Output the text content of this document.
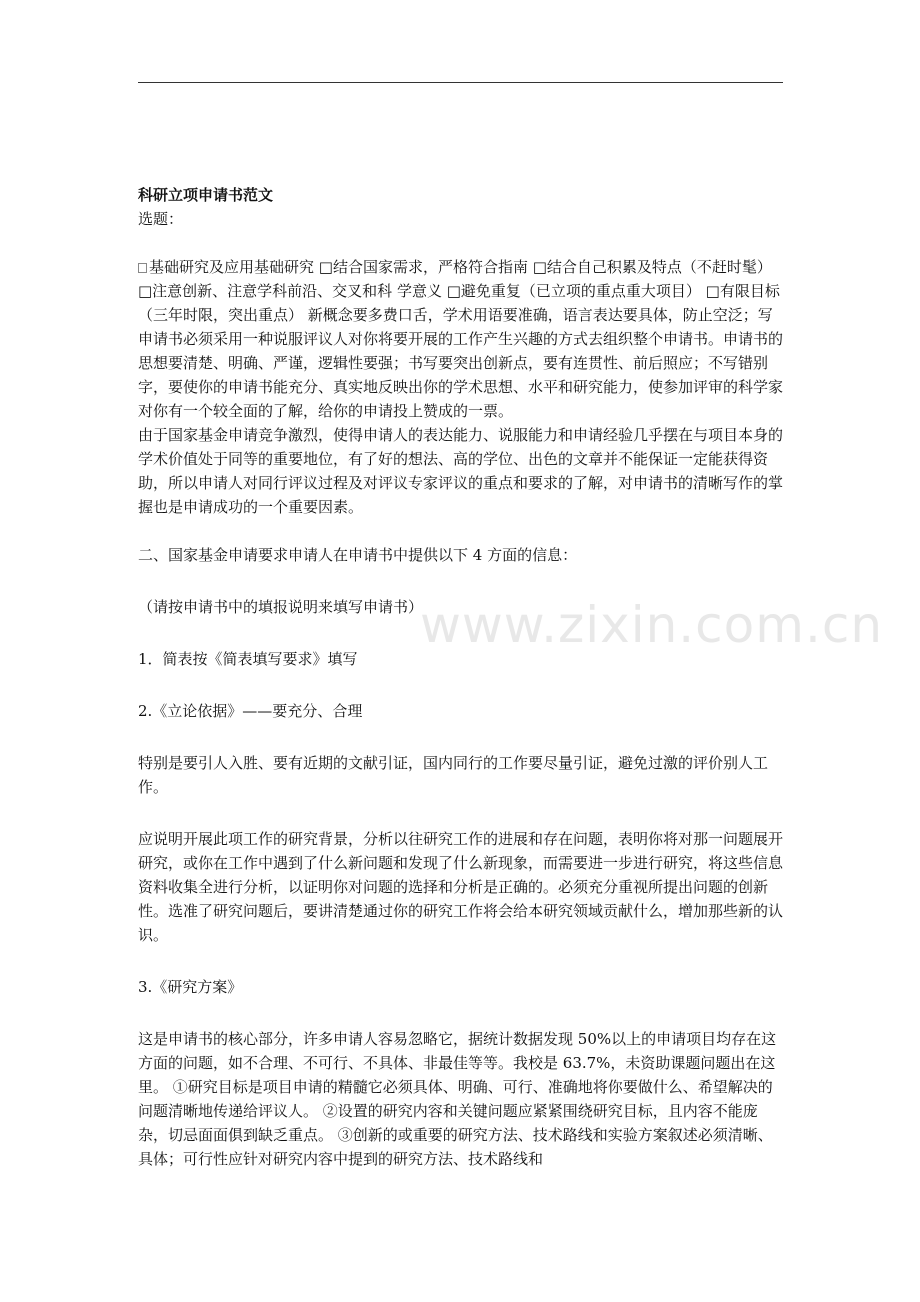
www.zixin.com.cn

科研立项申请书范文

选题：

基础研究及应用基础研究 □结合国家需求，严格符合指南 □结合自己积累及特点（不赶时髦） □注意创新、注意学科前沿、交叉和科 学意义 □避免重复（已立项的重点重大项目） □有限目标（三年时限，突出重点） 新概念要多费口舌，学术用语要准确，语言表达要具体，防止空泛；写申请书必须采用一种说服评议人对你将要开展的工作产生兴趣的方式去组织整个申请书。申请书的思想要清楚、明确、严谨，逻辑性要强；书写要突出创新点，要有连贯性、前后照应；不写错别字，要使你的申请书能充分、真实地反映出你的学术思想、水平和研究能力，使参加评审的科学家对你有一个较全面的了解，给你的申请投上赞成的一票。

由于国家基金申请竞争激烈，使得申请人的表达能力、说服能力和申请经验几乎摆在与项目本身的学术价值处于同等的重要地位，有了好的想法、高的学位、出色的文章并不能保证一定能获得资助，所以申请人对同行评议过程及对评议专家评议的重点和要求的了解，对申请书的清晰写作的掌握也是申请成功的一个重要因素。

二、国家基金申请要求申请人在申请书中提供以下 4 方面的信息：

（请按申请书中的填报说明来填写申请书）

1．简表按《简表填写要求》填写

2.《立论依据》——要充分、合理

特别是要引人入胜、要有近期的文献引证，国内同行的工作要尽量引证，避免过激的评价别人工作。

应说明开展此项工作的研究背景，分析以往研究工作的进展和存在问题，表明你将对那一问题展开研究，或你在工作中遇到了什么新问题和发现了什么新现象，而需要进一步进行研究，将这些信息资料收集全进行分析，以证明你对问题的选择和分析是正确的。必须充分重视所提出问题的创新性。选准了研究问题后，要讲清楚通过你的研究工作将会给本研究领域贡献什么，增加那些新的认识。

3.《研究方案》

这是申请书的核心部分，许多申请人容易忽略它，据统计数据发现 50%以上的申请项目均存在这方面的问题，如不合理、不可行、不具体、非最佳等等。我校是 63.7%，未资助课题问题出在这里。 ①研究目标是项目申请的精髓它必须具体、明确、可行、准确地将你要做什么、希望解决的问题清晰地传递给评议人。 ②设置的研究内容和关键问题应紧紧围绕研究目标，且内容不能庞杂，切忌面面俱到缺乏重点。 ③创新的或重要的研究方法、技术路线和实验方案叙述必须清晰、具体；可行性应针对研究内容中提到的研究方法、技术路线和
